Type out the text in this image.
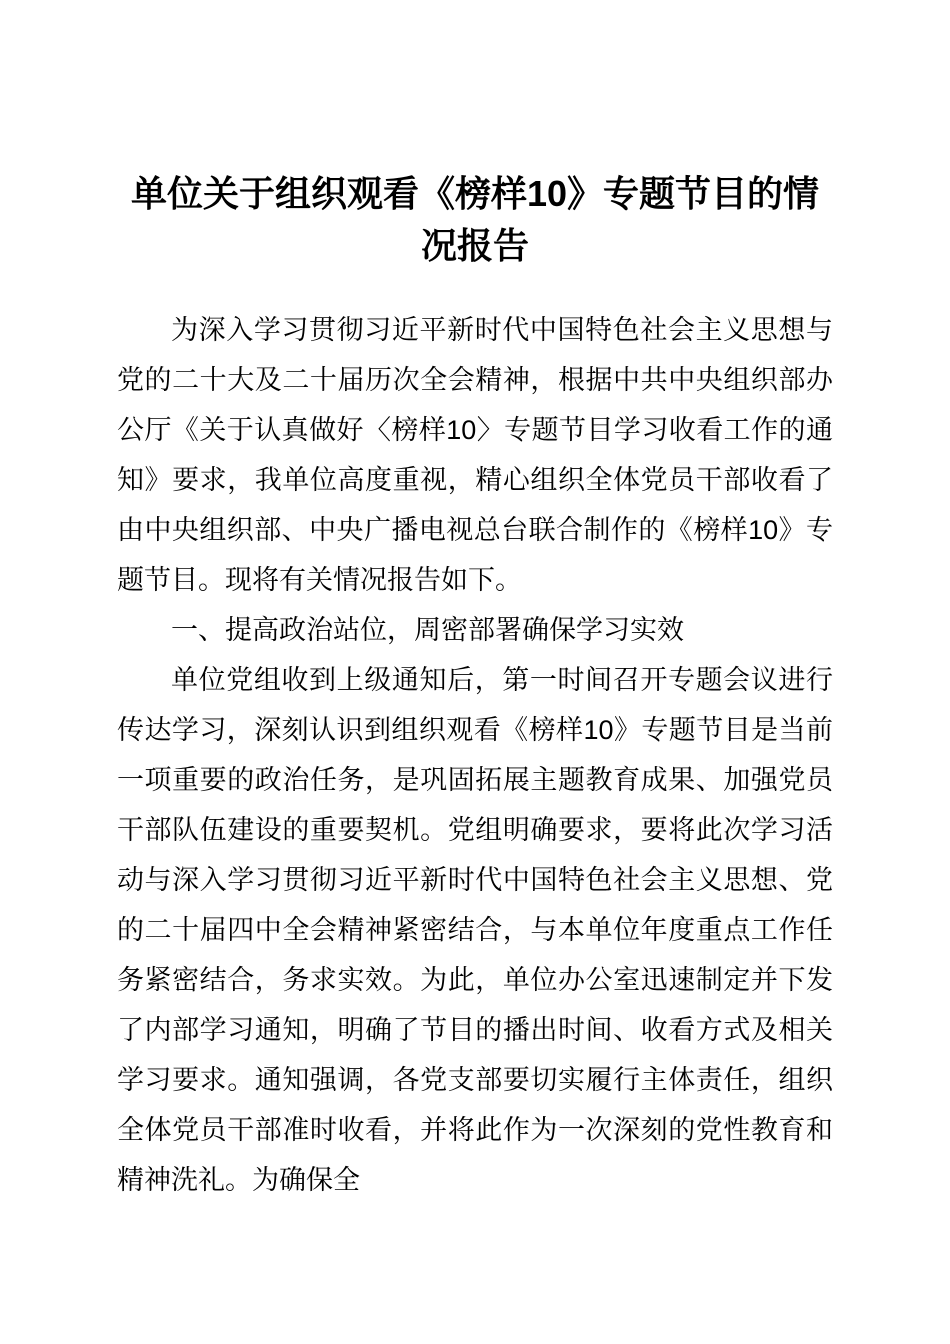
单位关于组织观看《榜样10》专题节目的情况报告

为深入学习贯彻习近平新时代中国特色社会主义思想与党的二十大及二十届历次全会精神，根据中共中央组织部办公厅《关于认真做好〈榜样10〉专题节目学习收看工作的通知》要求，我单位高度重视，精心组织全体党员干部收看了由中央组织部、中央广播电视总台联合制作的《榜样10》专题节目。现将有关情况报告如下。

一、提高政治站位，周密部署确保学习实效

单位党组收到上级通知后，第一时间召开专题会议进行传达学习，深刻认识到组织观看《榜样10》专题节目是当前一项重要的政治任务，是巩固拓展主题教育成果、加强党员干部队伍建设的重要契机。党组明确要求，要将此次学习活动与深入学习贯彻习近平新时代中国特色社会主义思想、党的二十届四中全会精神紧密结合，与本单位年度重点工作任务紧密结合，务求实效。为此，单位办公室迅速制定并下发了内部学习通知，明确了节目的播出时间、收看方式及相关学习要求。通知强调，各党支部要切实履行主体责任，组织全体党员干部准时收看，并将此作为一次深刻的党性教育和精神洗礼。为确保全
